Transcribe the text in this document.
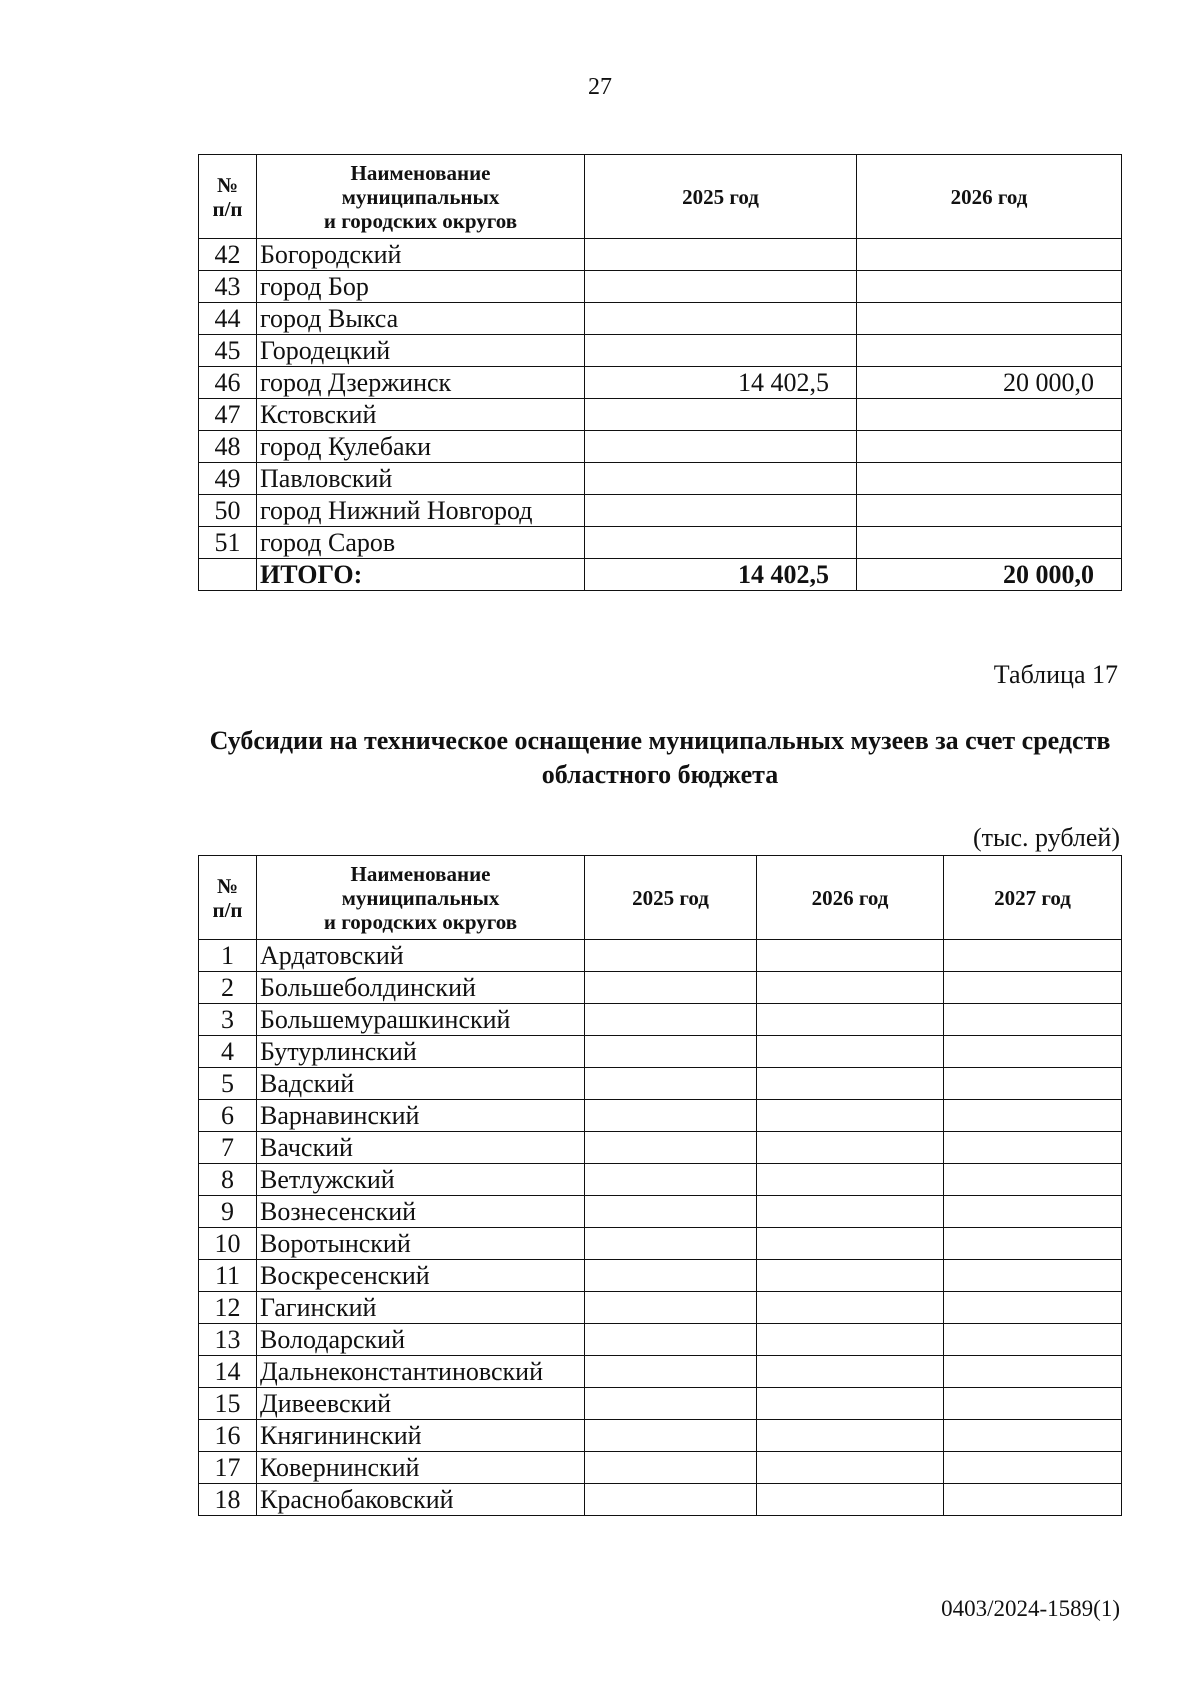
27
№
п/п	Наименование
муниципальных
и городских округов	2025 год	2026 год
42	Богородский		
43	город Бор		
44	город Выкса		
45	Городецкий		
46	город Дзержинск	14 402,5	20 000,0
47	Кстовский		
48	город Кулебаки		
49	Павловский		
50	город Нижний Новгород		
51	город Саров		
	ИТОГО:	14 402,5	20 000,0
Таблица 17
Субсидии на техническое оснащение муниципальных музеев за счет средств областного бюджета
(тыс. рублей)
№
п/п	Наименование
муниципальных
и городских округов	2025 год	2026 год	2027 год
1	Ардатовский			
2	Большеболдинский			
3	Большемурашкинский			
4	Бутурлинский			
5	Вадский			
6	Варнавинский			
7	Вачский			
8	Ветлужский			
9	Вознесенский			
10	Воротынский			
11	Воскресенский			
12	Гагинский			
13	Володарский			
14	Дальнеконстантиновский			
15	Дивеевский			
16	Княгининский			
17	Ковернинский			
18	Краснобаковский			
0403/2024-1589(1)
